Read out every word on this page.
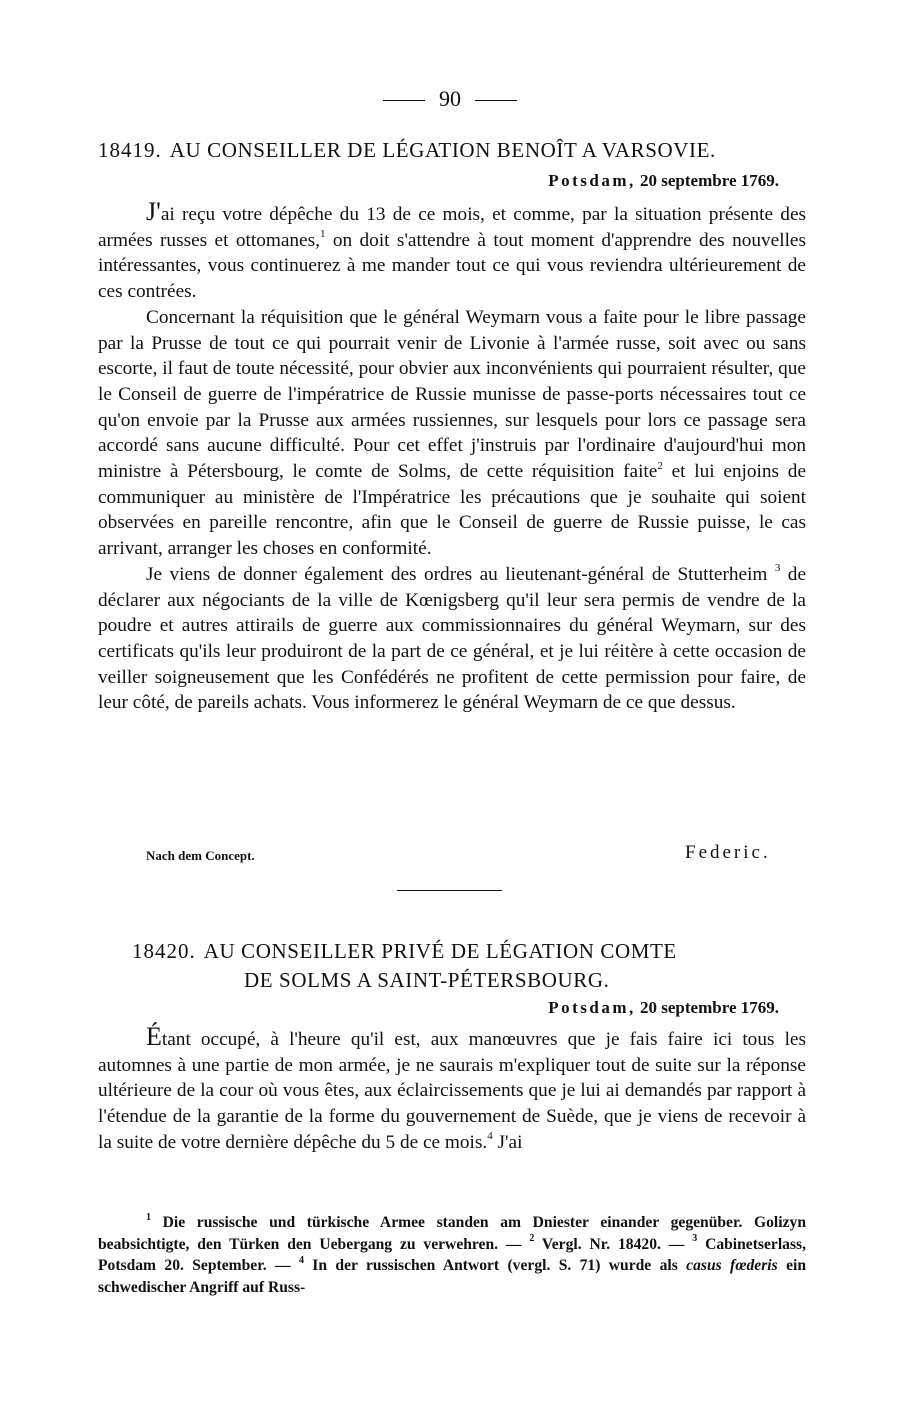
90
18419. AU CONSEILLER DE LÉGATION BENOÎT A VARSOVIE.
Potsdam, 20 septembre 1769.

J'ai reçu votre dépêche du 13 de ce mois, et comme, par la situation présente des armées russes et ottomanes,$^1$ on doit s'attendre à tout moment d'apprendre des nouvelles intéressantes, vous continuerez à me mander tout ce qui vous reviendra ultérieurement de ces contrées.

Concernant la réquisition que le général Weymarn vous a faite pour le libre passage par la Prusse de tout ce qui pourrait venir de Livonie à l'armée russe, soit avec ou sans escorte, il faut de toute nécessité, pour obvier aux inconvénients qui pourraient résulter, que le Conseil de guerre de l'impératrice de Russie munisse de passe-ports nécessaires tout ce qu'on envoie par la Prusse aux armées russiennes, sur lesquels pour lors ce passage sera accordé sans aucune difficulté. Pour cet effet j'instruis par l'ordinaire d'aujourd'hui mon ministre à Pétersbourg, le comte de Solms, de cette réquisition faite$^2$ et lui enjoins de communiquer au ministère de l'Impératrice les précautions que je souhaite qui soient observées en pareille rencontre, afin que le Conseil de guerre de Russie puisse, le cas arrivant, arranger les choses en conformité.

Je viens de donner également des ordres au lieutenant-général de Stutterheim $^3$ de déclarer aux négociants de la ville de Kœnigsberg qu'il leur sera permis de vendre de la poudre et autres attirails de guerre aux commissionnaires du général Weymarn, sur des certificats qu'ils leur produiront de la part de ce général, et je lui réitère à cette occasion de veiller soigneusement que les Confédérés ne profitent de cette permission pour faire, de leur côté, de pareils achats. Vous informerez le général Weymarn de ce que dessus.

Nach dem Concept.	Federic.
18420. AU CONSEILLER PRIVÉ DE LÉGATION COMTE
DE SOLMS A SAINT-PÉTERSBOURG.
Potsdam, 20 septembre 1769.

Étant occupé, à l'heure qu'il est, aux manœuvres que je fais faire ici tous les automnes à une partie de mon armée, je ne saurais m'expliquer tout de suite sur la réponse ultérieure de la cour où vous êtes, aux éclaircissements que je lui ai demandés par rapport à l'étendue de la garantie de la forme du gouvernement de Suède, que je viens de recevoir à la suite de votre dernière dépêche du 5 de ce mois.$^4$ J'ai

$^1$ Die russische und türkische Armee standen am Dniester einander gegenüber. Golizyn beabsichtigte, den Türken den Uebergang zu verwehren. — $^2$ Vergl. Nr. 18420. — $^3$ Cabinetserlass, Potsdam 20. September. — $^4$ In der russischen Antwort (vergl. S. 71) wurde als casus fœderis ein schwedischer Angriff auf Russ-
